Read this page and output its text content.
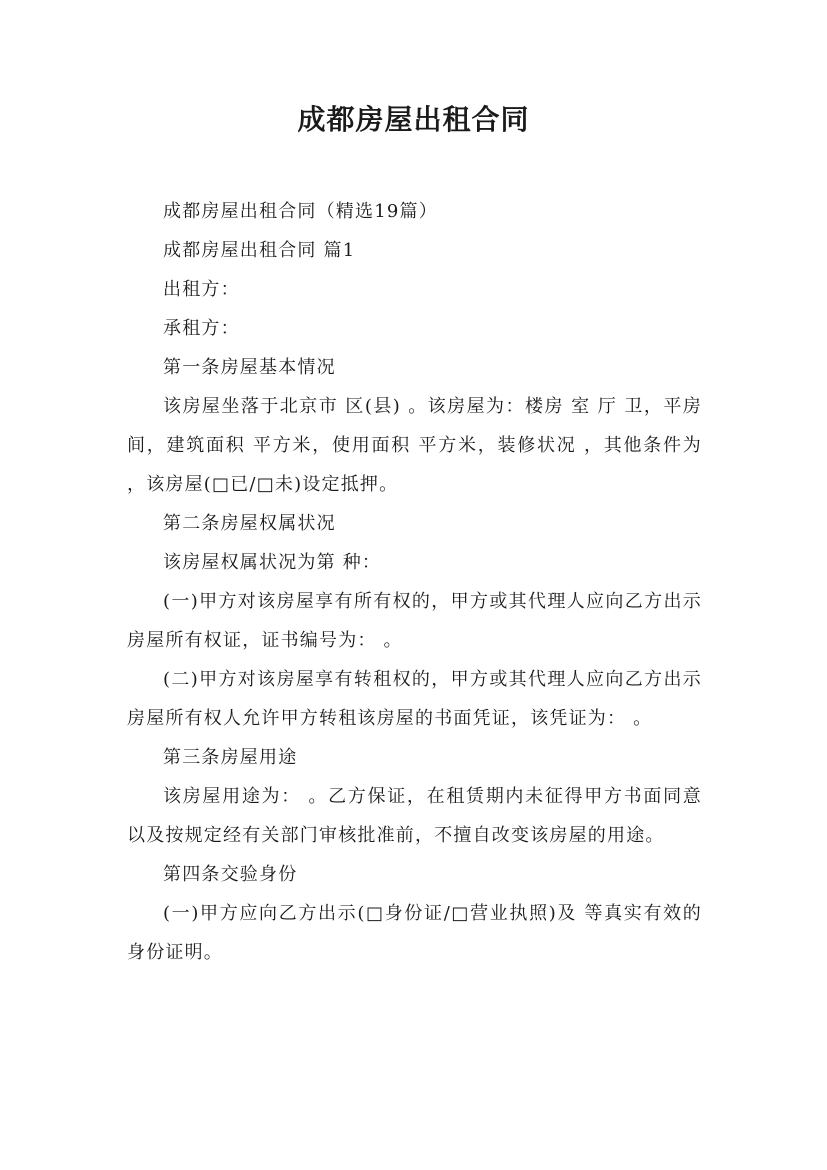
成都房屋出租合同

成都房屋出租合同（精选19篇）

成都房屋出租合同 篇1

出租方：

承租方：

第一条房屋基本情况

该房屋坐落于北京市 区(县) 。该房屋为：楼房 室 厅 卫，平房 间，建筑面积 平方米，使用面积 平方米，装修状况 ，其他条件为 ，该房屋(□已/□未)设定抵押。

第二条房屋权属状况

该房屋权属状况为第 种：

(一)甲方对该房屋享有所有权的，甲方或其代理人应向乙方出示房屋所有权证，证书编号为： 。

(二)甲方对该房屋享有转租权的，甲方或其代理人应向乙方出示房屋所有权人允许甲方转租该房屋的书面凭证，该凭证为： 。

第三条房屋用途

该房屋用途为： 。乙方保证，在租赁期内未征得甲方书面同意以及按规定经有关部门审核批准前，不擅自改变该房屋的用途。

第四条交验身份

(一)甲方应向乙方出示(□身份证/□营业执照)及 等真实有效的身份证明。
